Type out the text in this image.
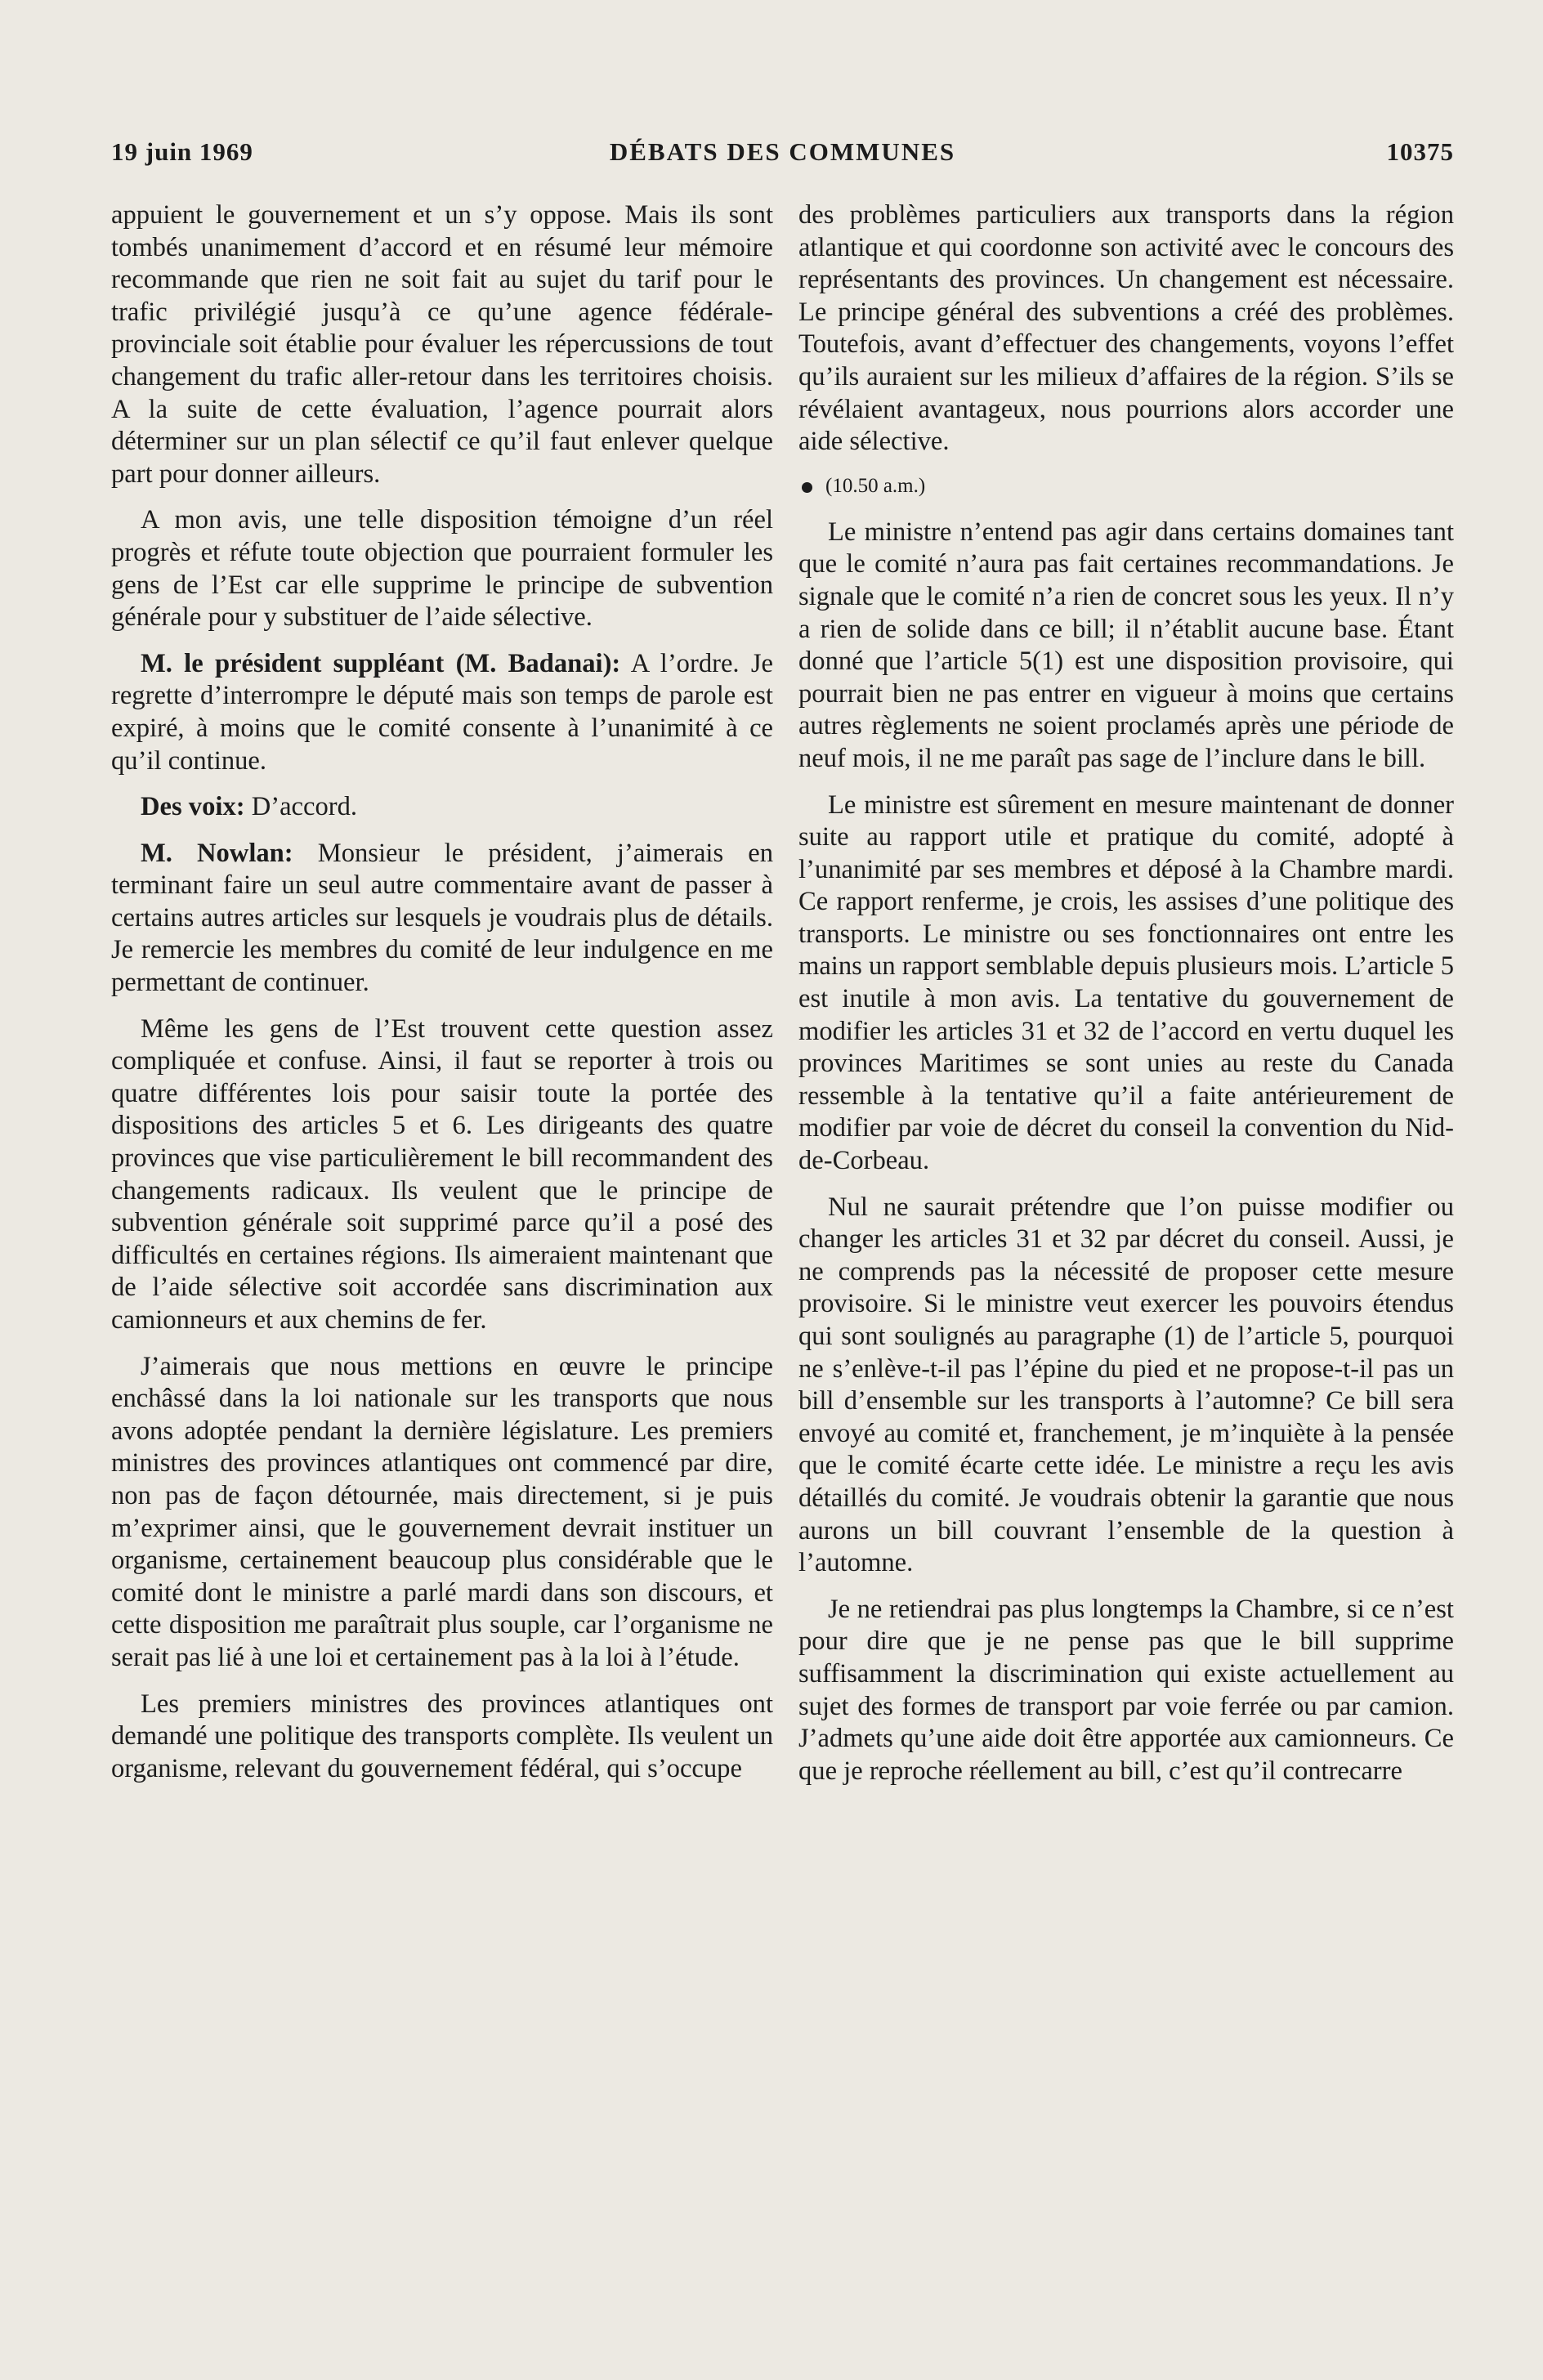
19 juin 1969	DÉBATS DES COMMUNES	10375

appuient le gouvernement et un s’y oppose. Mais ils sont tombés unanimement d’accord et en résumé leur mémoire recommande que rien ne soit fait au sujet du tarif pour le trafic privilégié jusqu’à ce qu’une agence fédérale-provinciale soit établie pour évaluer les répercussions de tout changement du trafic aller-retour dans les territoires choisis. A la suite de cette évaluation, l’agence pourrait alors déterminer sur un plan sélectif ce qu’il faut enlever quelque part pour donner ailleurs.

A mon avis, une telle disposition témoigne d’un réel progrès et réfute toute objection que pourraient formuler les gens de l’Est car elle supprime le principe de subvention générale pour y substituer de l’aide sélective.

M. le président suppléant (M. Badanai): A l’ordre. Je regrette d’interrompre le député mais son temps de parole est expiré, à moins que le comité consente à l’unanimité à ce qu’il continue.

Des voix: D’accord.

M. Nowlan: Monsieur le président, j’aimerais en terminant faire un seul autre commentaire avant de passer à certains autres articles sur lesquels je voudrais plus de détails. Je remercie les membres du comité de leur indulgence en me permettant de continuer.

Même les gens de l’Est trouvent cette question assez compliquée et confuse. Ainsi, il faut se reporter à trois ou quatre différentes lois pour saisir toute la portée des dispositions des articles 5 et 6. Les dirigeants des quatre provinces que vise particulièrement le bill recommandent des changements radicaux. Ils veulent que le principe de subvention générale soit supprimé parce qu’il a posé des difficultés en certaines régions. Ils aimeraient maintenant que de l’aide sélective soit accordée sans discrimination aux camionneurs et aux chemins de fer.

J’aimerais que nous mettions en œuvre le principe enchâssé dans la loi nationale sur les transports que nous avons adoptée pendant la dernière législature. Les premiers ministres des provinces atlantiques ont commencé par dire, non pas de façon détournée, mais directement, si je puis m’exprimer ainsi, que le gouvernement devrait instituer un organisme, certainement beaucoup plus considérable que le comité dont le ministre a parlé mardi dans son discours, et cette disposition me paraîtrait plus souple, car l’organisme ne serait pas lié à une loi et certainement pas à la loi à l’étude.

Les premiers ministres des provinces atlantiques ont demandé une politique des transports complète. Ils veulent un organisme, relevant du gouvernement fédéral, qui s’occupe

des problèmes particuliers aux transports dans la région atlantique et qui coordonne son activité avec le concours des représentants des provinces. Un changement est nécessaire. Le principe général des subventions a créé des problèmes. Toutefois, avant d’effectuer des changements, voyons l’effet qu’ils auraient sur les milieux d’affaires de la région. S’ils se révélaient avantageux, nous pourrions alors accorder une aide sélective.

(10.50 a.m.)

Le ministre n’entend pas agir dans certains domaines tant que le comité n’aura pas fait certaines recommandations. Je signale que le comité n’a rien de concret sous les yeux. Il n’y a rien de solide dans ce bill; il n’établit aucune base. Étant donné que l’article 5(1) est une disposition provisoire, qui pourrait bien ne pas entrer en vigueur à moins que certains autres règlements ne soient proclamés après une période de neuf mois, il ne me paraît pas sage de l’inclure dans le bill.

Le ministre est sûrement en mesure maintenant de donner suite au rapport utile et pratique du comité, adopté à l’unanimité par ses membres et déposé à la Chambre mardi. Ce rapport renferme, je crois, les assises d’une politique des transports. Le ministre ou ses fonctionnaires ont entre les mains un rapport semblable depuis plusieurs mois. L’article 5 est inutile à mon avis. La tentative du gouvernement de modifier les articles 31 et 32 de l’accord en vertu duquel les provinces Maritimes se sont unies au reste du Canada ressemble à la tentative qu’il a faite antérieurement de modifier par voie de décret du conseil la convention du Nid-de-Corbeau.

Nul ne saurait prétendre que l’on puisse modifier ou changer les articles 31 et 32 par décret du conseil. Aussi, je ne comprends pas la nécessité de proposer cette mesure provisoire. Si le ministre veut exercer les pouvoirs étendus qui sont soulignés au paragraphe (1) de l’article 5, pourquoi ne s’enlève-t-il pas l’épine du pied et ne propose-t-il pas un bill d’ensemble sur les transports à l’automne? Ce bill sera envoyé au comité et, franchement, je m’inquiète à la pensée que le comité écarte cette idée. Le ministre a reçu les avis détaillés du comité. Je voudrais obtenir la garantie que nous aurons un bill couvrant l’ensemble de la question à l’automne.

Je ne retiendrai pas plus longtemps la Chambre, si ce n’est pour dire que je ne pense pas que le bill supprime suffisamment la discrimination qui existe actuellement au sujet des formes de transport par voie ferrée ou par camion. J’admets qu’une aide doit être apportée aux camionneurs. Ce que je reproche réellement au bill, c’est qu’il contrecarre
